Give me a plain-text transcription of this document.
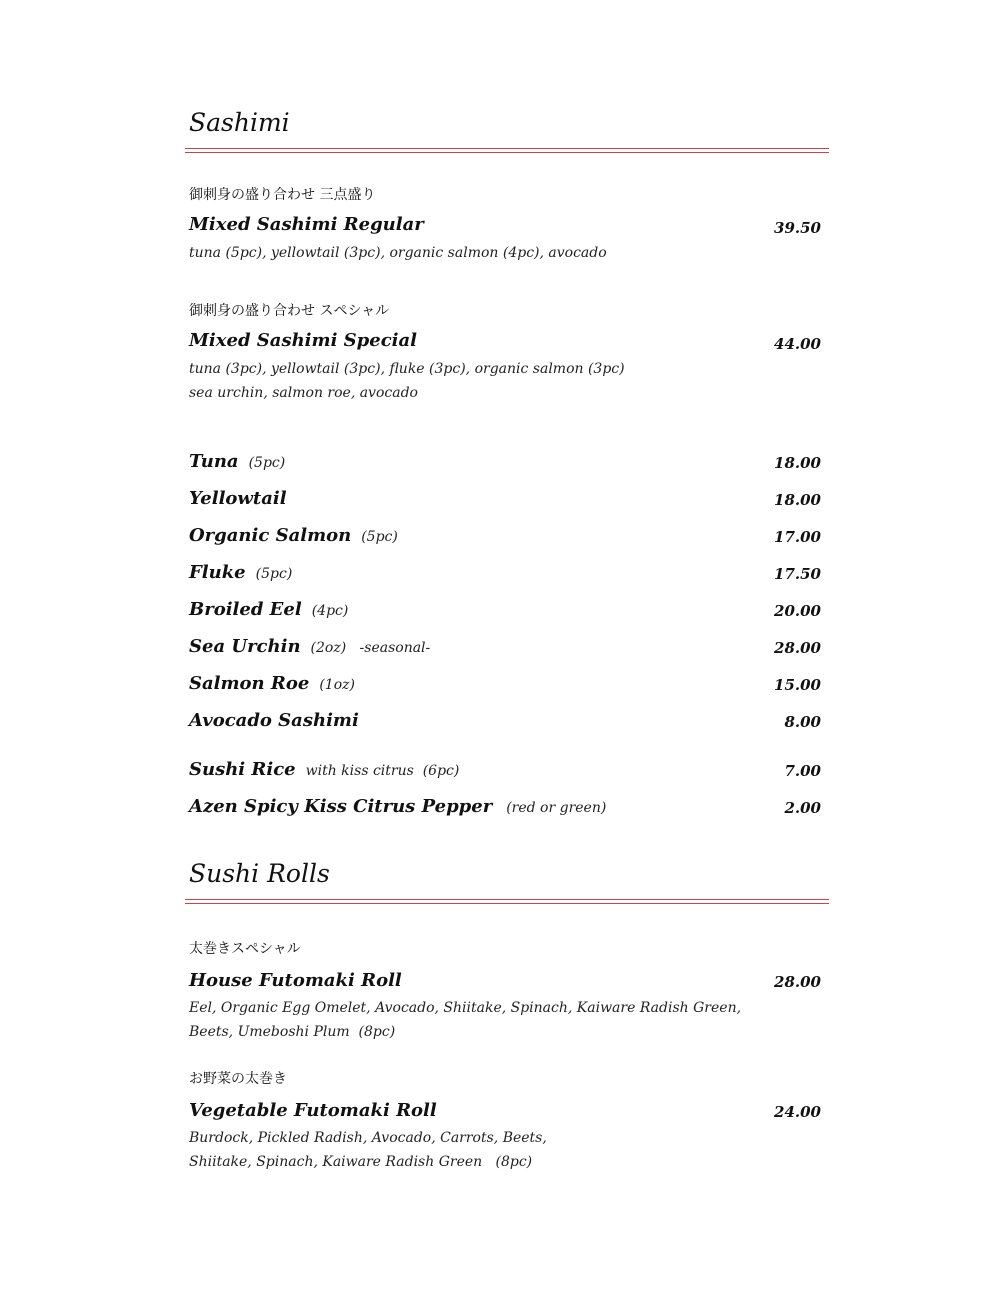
Sashimi
御刺身の盛り合わせ 三点盛り
Mixed Sashimi Regular	39.50
tuna (5pc), yellowtail (3pc), organic salmon (4pc), avocado
御刺身の盛り合わせ スペシャル
Mixed Sashimi Special	44.00
tuna (3pc), yellowtail (3pc), fluke (3pc), organic salmon (3pc)
sea urchin, salmon roe, avocado
Tuna (5pc)	18.00
Yellowtail	18.00
Organic Salmon (5pc)	17.00
Fluke (5pc)	17.50
Broiled Eel (4pc)	20.00
Sea Urchin (2oz)   -seasonal-	28.00
Salmon Roe (1oz)	15.00
Avocado Sashimi	8.00
Sushi Rice with kiss citrus  (6pc)	7.00
Azen Spicy Kiss Citrus Pepper (red or green)	2.00
Sushi Rolls
太巻きスペシャル
House Futomaki Roll	28.00
Eel, Organic Egg Omelet, Avocado, Shiitake, Spinach, Kaiware Radish Green,
Beets, Umeboshi Plum  (8pc)
お野菜の太巻き
Vegetable Futomaki Roll	24.00
Burdock, Pickled Radish, Avocado, Carrots, Beets,
Shiitake, Spinach, Kaiware Radish Green   (8pc)
